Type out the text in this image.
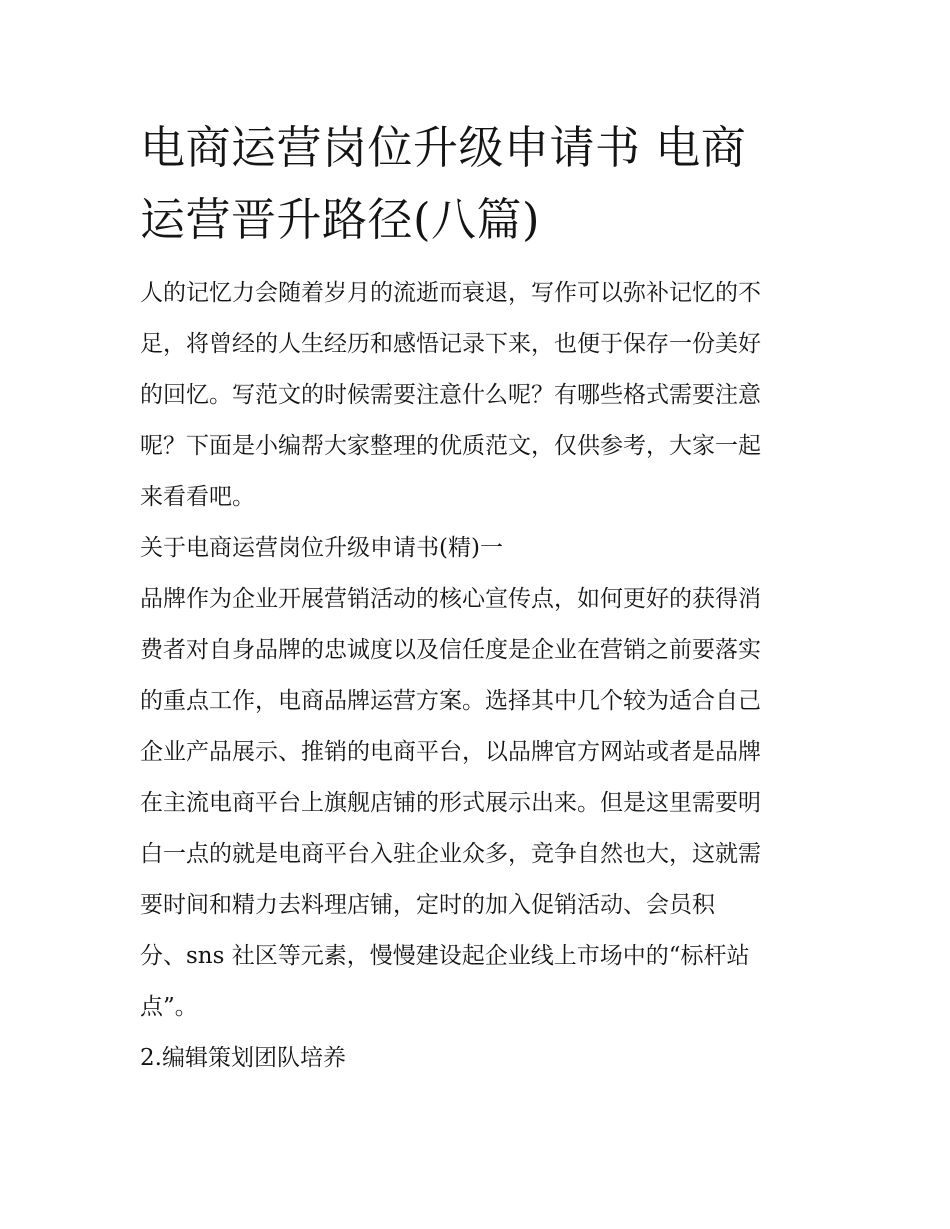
电商运营岗位升级申请书 电商
运营晋升路径(八篇)

人的记忆力会随着岁月的流逝而衰退，写作可以弥补记忆的不
足，将曾经的人生经历和感悟记录下来，也便于保存一份美好
的回忆。写范文的时候需要注意什么呢？有哪些格式需要注意
呢？下面是小编帮大家整理的优质范文，仅供参考，大家一起
来看看吧。

关于电商运营岗位升级申请书(精)一

品牌作为企业开展营销活动的核心宣传点，如何更好的获得消
费者对自身品牌的忠诚度以及信任度是企业在营销之前要落实
的重点工作，电商品牌运营方案。选择其中几个较为适合自己
企业产品展示、推销的电商平台，以品牌官方网站或者是品牌
在主流电商平台上旗舰店铺的形式展示出来。但是这里需要明
白一点的就是电商平台入驻企业众多，竞争自然也大，这就需
要时间和精力去料理店铺，定时的加入促销活动、会员积
分、sns 社区等元素，慢慢建设起企业线上市场中的“标杆站
点”。

2.编辑策划团队培养
